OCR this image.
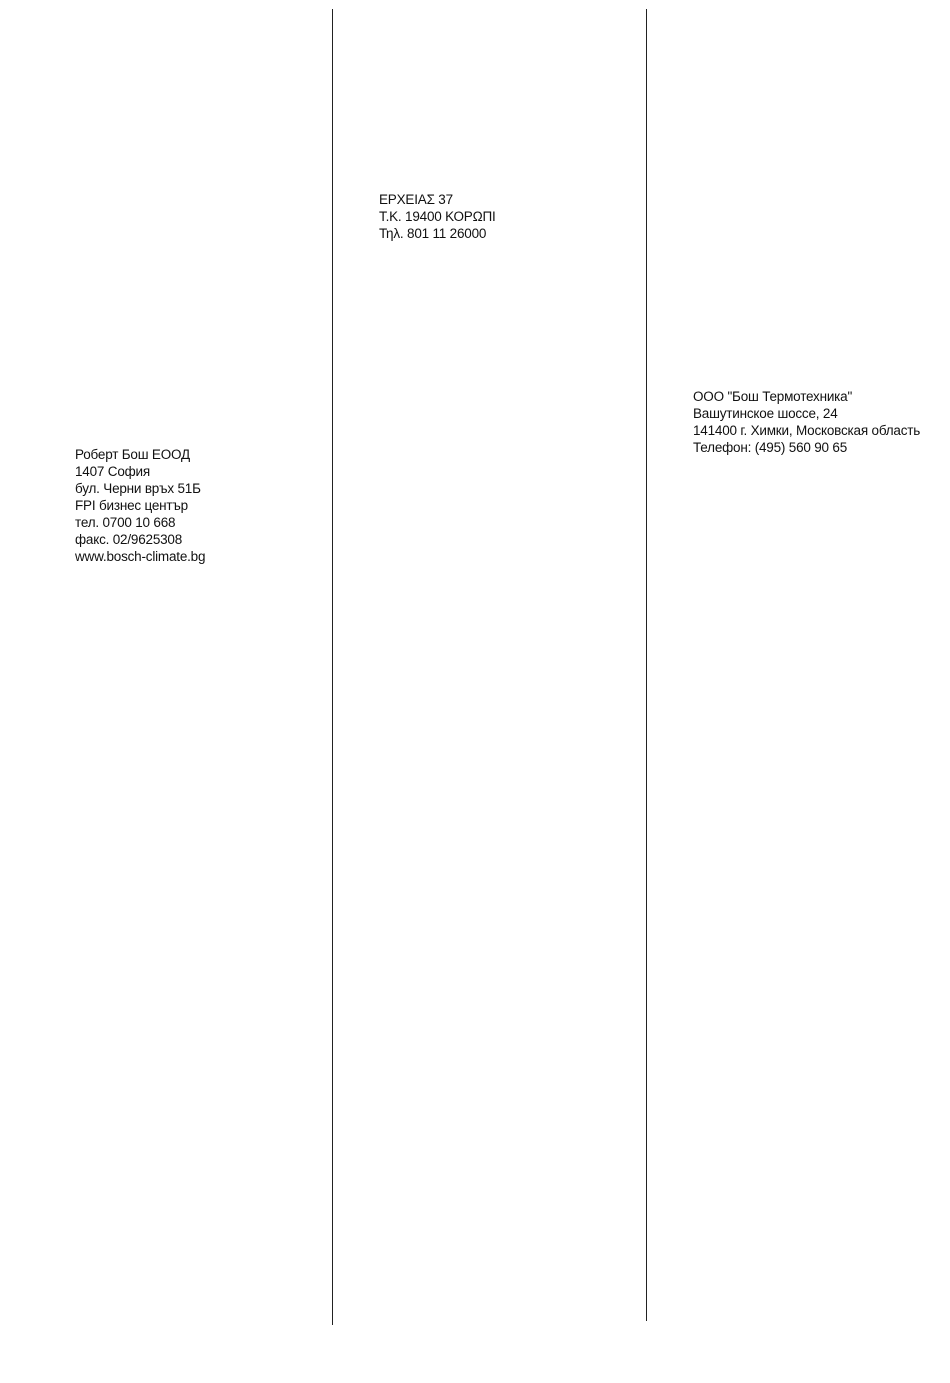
Роберт Бош ЕООД
1407 София
бул. Черни връх 51Б
FPI бизнес център
тел. 0700 10 668
факс. 02/9625308
www.bosch-climate.bg
ΕΡΧΕΙΑΣ 37
Τ.Κ. 19400 ΚΟΡΩΠΙ
Τηλ. 801 11 26000
ООО "Бош Термотехника"
Вашутинское шоссе, 24
141400 г. Химки, Московская область
Телефон: (495) 560 90 65
